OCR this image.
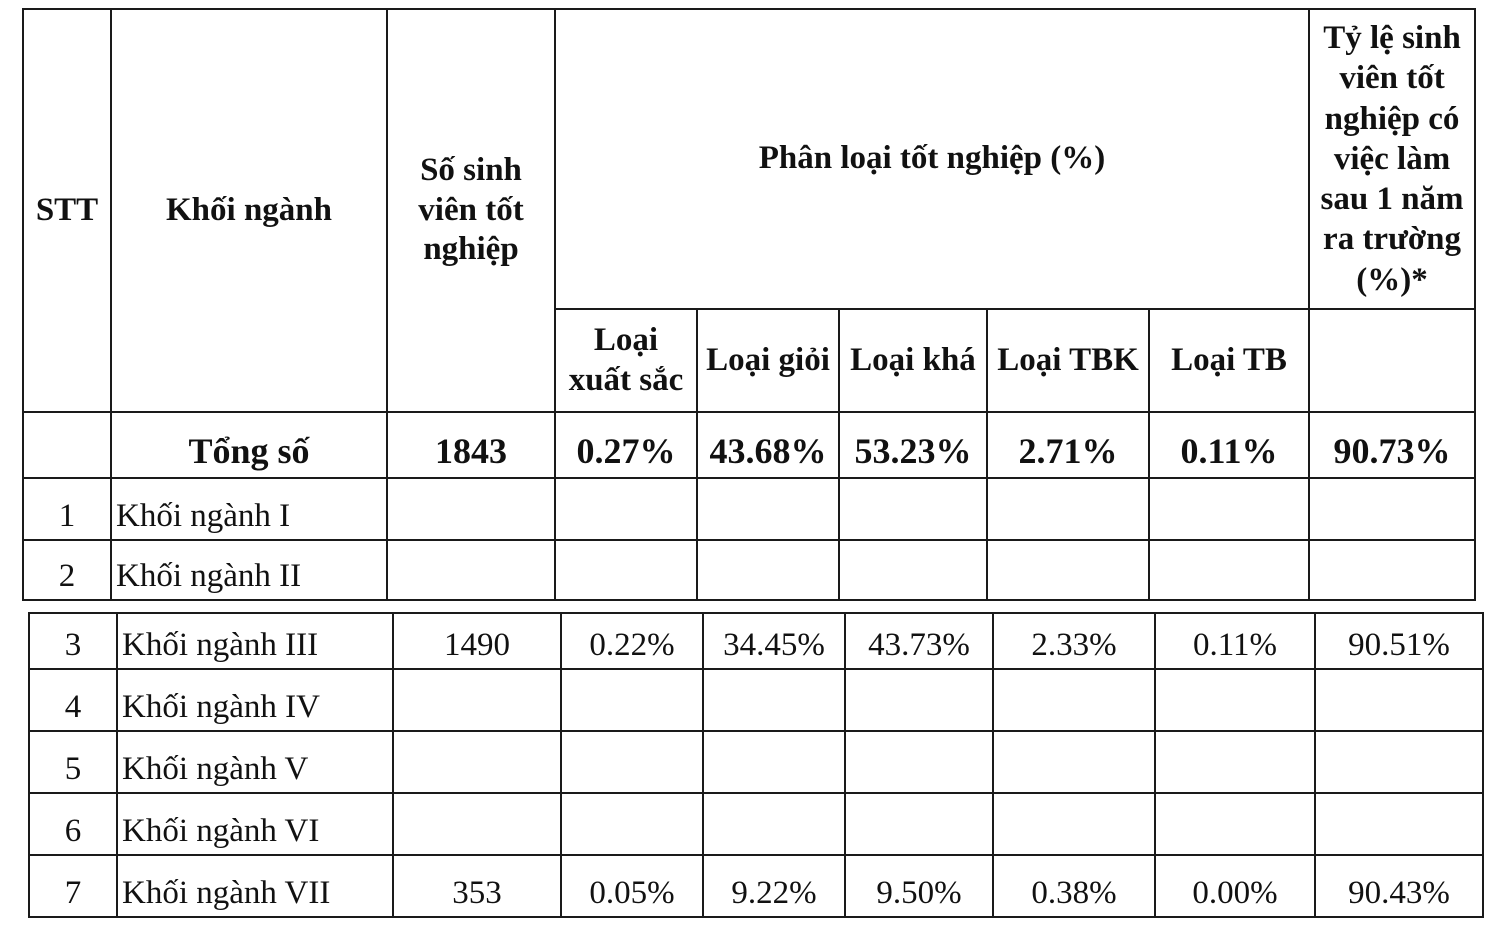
STT	Khối ngành	Số sinh viên tốt nghiệp	Phân loại tốt nghiệp (%)					Tỷ lệ sinh viên tốt nghiệp có việc làm sau 1 năm ra trường (%)*
			Loại xuất sắc	Loại giỏi	Loại khá	Loại TBK	Loại TB	
	Tổng số	1843	0.27%	43.68%	53.23%	2.71%	0.11%	90.73%
1	Khối ngành I							
2	Khối ngành II							
3	Khối ngành III	1490	0.22%	34.45%	43.73%	2.33%	0.11%	90.51%
4	Khối ngành IV							
5	Khối ngành V							
6	Khối ngành VI							
7	Khối ngành VII	353	0.05%	9.22%	9.50%	0.38%	0.00%	90.43%
